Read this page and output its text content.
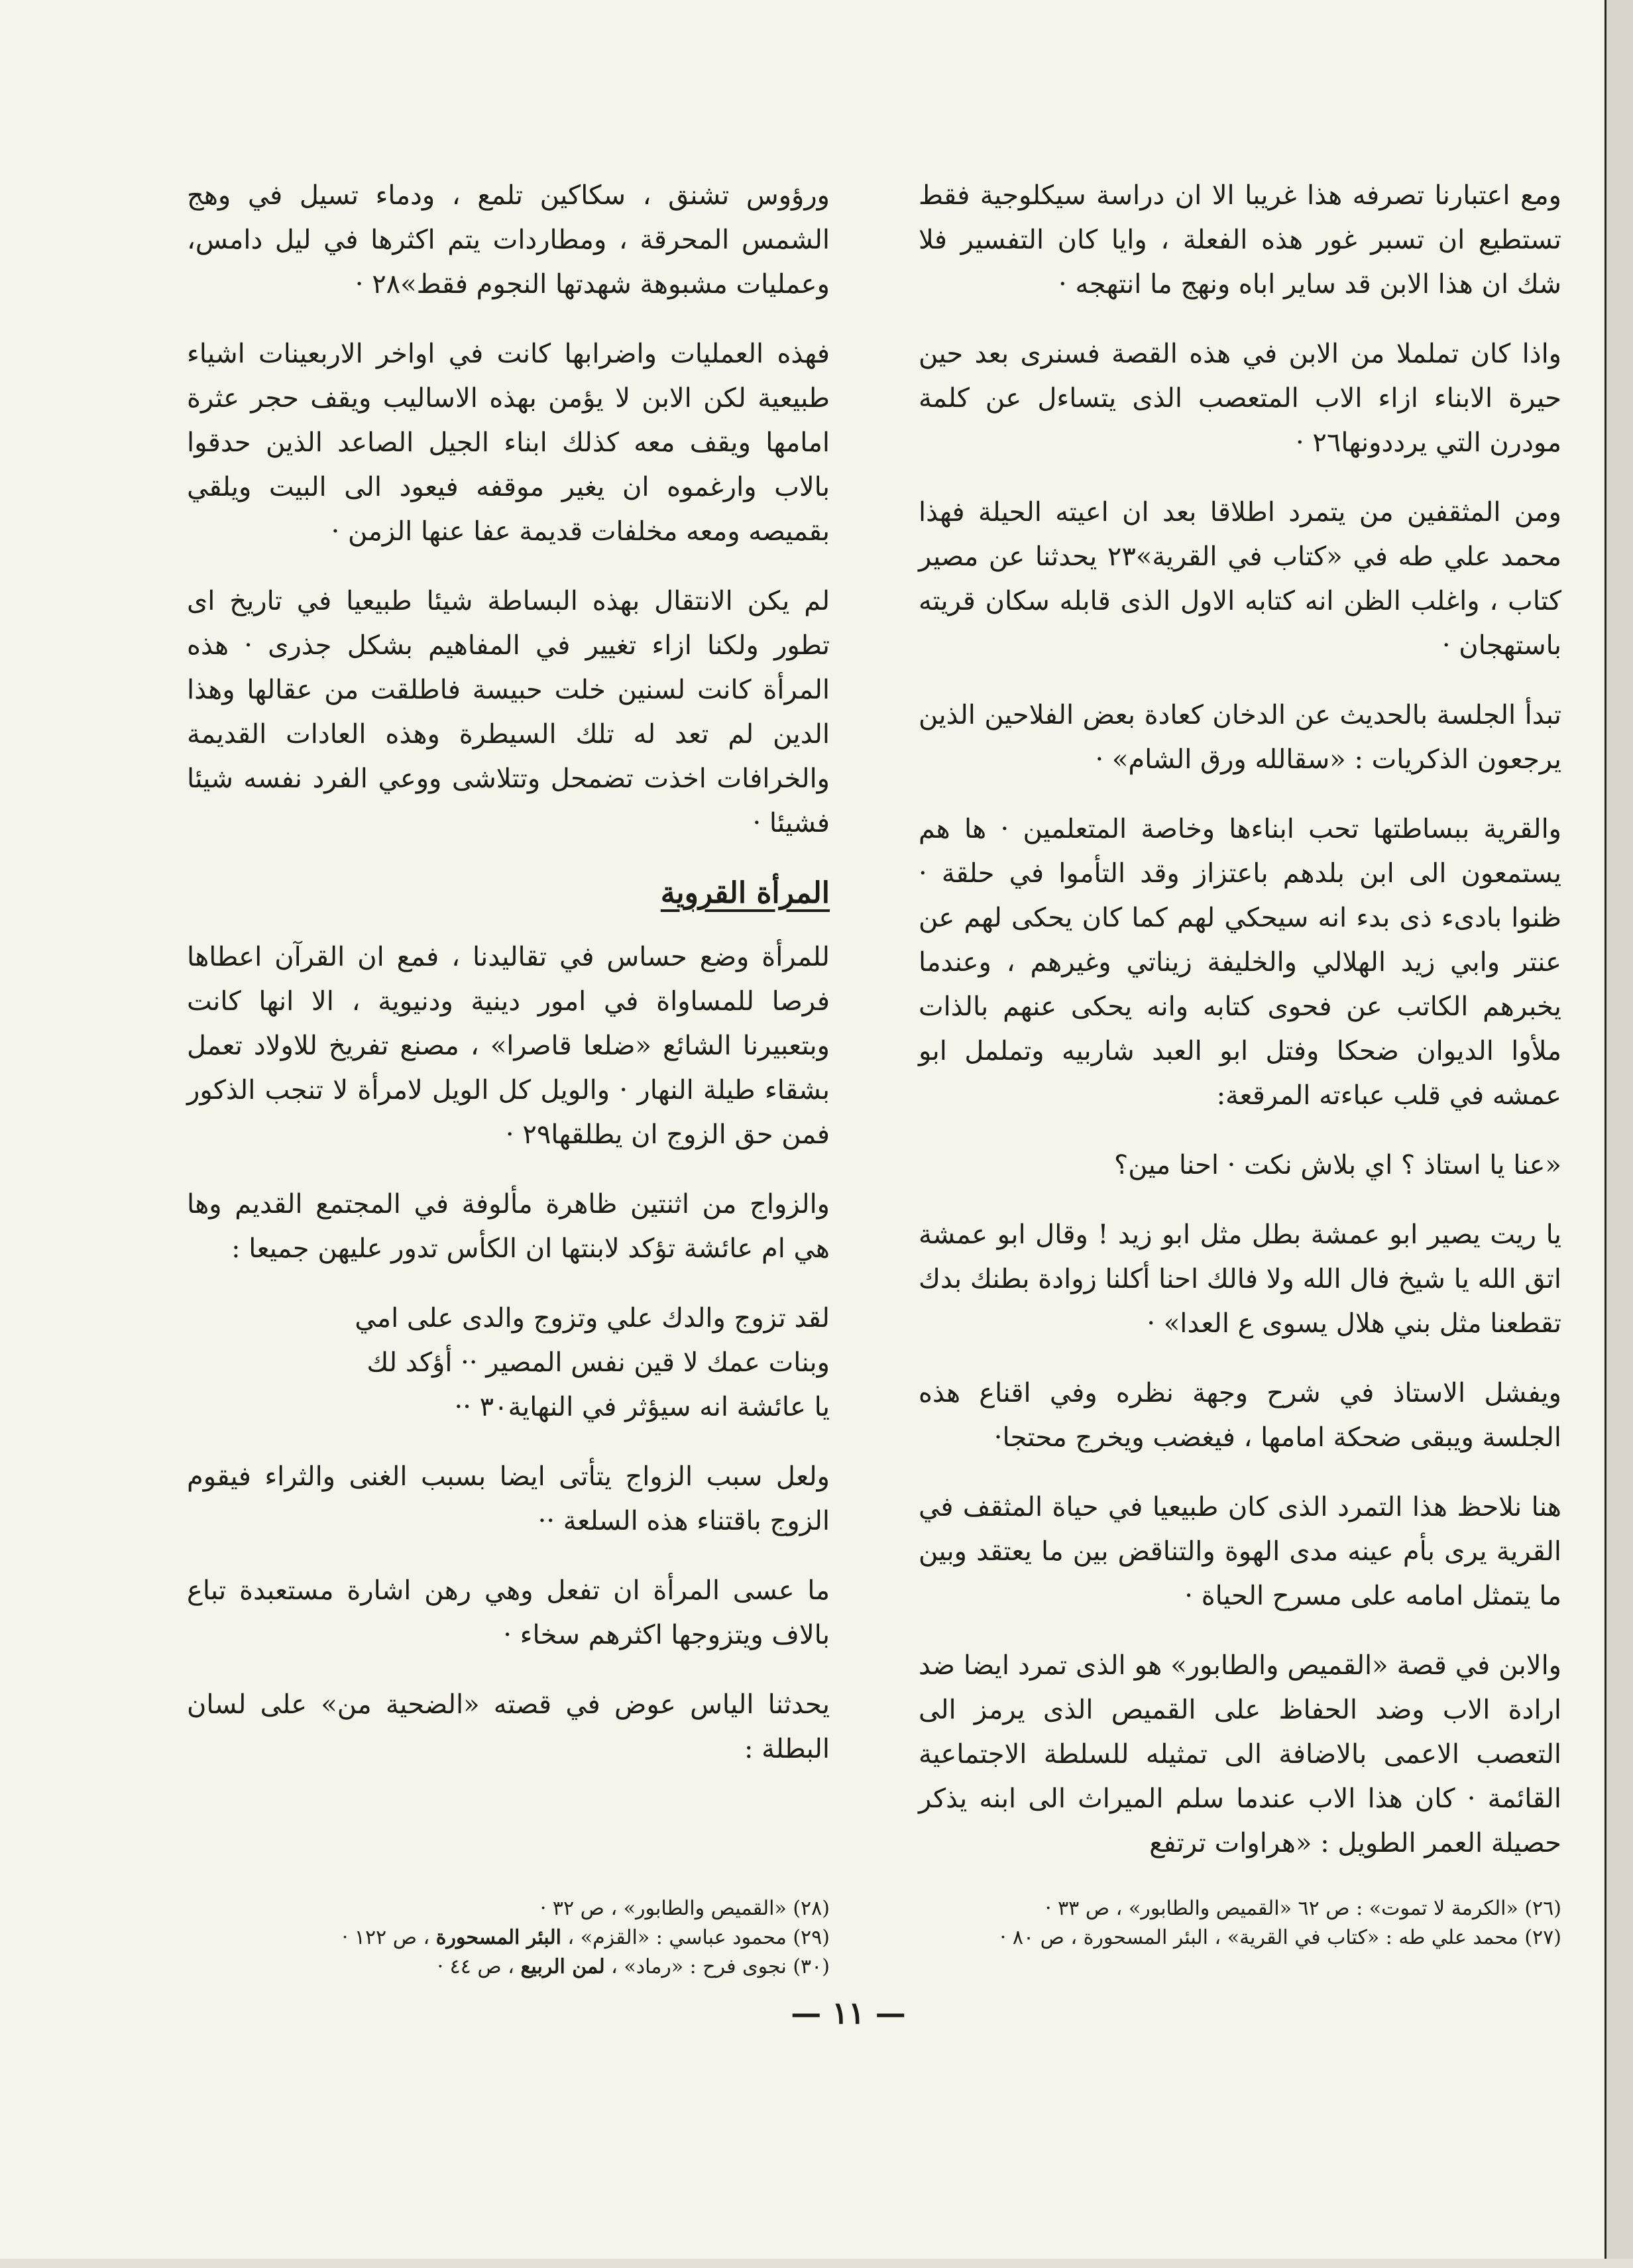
ومع اعتبارنا تصرفه هذا غريبا الا ان دراسة سيكلوجية فقط تستطيع ان تسبر غور هذه الفعلة ، وايا كان التفسير فلا شك ان هذا الابن قد ساير اباه ونهج ما انتهجه ·

واذا كان تململا من الابن في هذه القصة فسنرى بعد حين حيرة الابناء ازاء الاب المتعصب الذى يتساءل عن كلمة مودرن التي يرددونها٢٦ ·

ومن المثقفين من يتمرد اطلاقا بعد ان اعيته الحيلة فهذا محمد علي طه في «كتاب في القرية»٢٣ يحدثنا عن مصير كتاب ، واغلب الظن انه كتابه الاول الذى قابله سكان قريته باستهجان ·

تبدأ الجلسة بالحديث عن الدخان كعادة بعض الفلاحين الذين يرجعون الذكريات : «سقالله ورق الشام» ·

والقرية ببساطتها تحب ابناءها وخاصة المتعلمين · ها هم يستمعون الى ابن بلدهم باعتزاز وقد التأموا في حلقة · ظنوا بادىء ذى بدء انه سيحكي لهم كما كان يحكى لهم عن عنتر وابي زيد الهلالي والخليفة زيناتي وغيرهم ، وعندما يخبرهم الكاتب عن فحوى كتابه وانه يحكى عنهم بالذات ملأوا الديوان ضحكا وفتل ابو العبد شاربيه وتململ ابو عمشه في قلب عباءته المرقعة:

«عنا يا استاذ ؟ اي بلاش نكت · احنا مين؟

يا ريت يصير ابو عمشة بطل مثل ابو زيد ! وقال ابو عمشة اتق الله يا شيخ فال الله ولا فالك احنا أكلنا زوادة بطنك بدك تقطعنا مثل بني هلال يسوى ع العدا» ·

ويفشل الاستاذ في شرح وجهة نظره وفي اقناع هذه الجلسة ويبقى ضحكة امامها ، فيغضب ويخرج محتجا·

هنا نلاحظ هذا التمرد الذى كان طبيعيا في حياة المثقف في القرية يرى بأم عينه مدى الهوة والتناقض بين ما يعتقد وبين ما يتمثل امامه على مسرح الحياة ·

والابن في قصة «القميص والطابور» هو الذى تمرد ايضا ضد ارادة الاب وضد الحفاظ على القميص الذى يرمز الى التعصب الاعمى بالاضافة الى تمثيله للسلطة الاجتماعية القائمة · كان هذا الاب عندما سلم الميراث الى ابنه يذكر حصيلة العمر الطويل : «هراوات ترتفع

ورؤوس تشنق ، سكاكين تلمع ، ودماء تسيل في وهج الشمس المحرقة ، ومطاردات يتم اكثرها في ليل دامس، وعمليات مشبوهة شهدتها النجوم فقط»٢٨ ·

فهذه العمليات واضرابها كانت في اواخر الاربعينات اشياء طبيعية لكن الابن لا يؤمن بهذه الاساليب ويقف حجر عثرة امامها ويقف معه كذلك ابناء الجيل الصاعد الذين حدقوا بالاب وارغموه ان يغير موقفه فيعود الى البيت ويلقي بقميصه ومعه مخلفات قديمة عفا عنها الزمن ·

لم يكن الانتقال بهذه البساطة شيئا طبيعيا في تاريخ اى تطور ولكنا ازاء تغيير في المفاهيم بشكل جذرى · هذه المرأة كانت لسنين خلت حبيسة فاطلقت من عقالها وهذا الدين لم تعد له تلك السيطرة وهذه العادات القديمة والخرافات اخذت تضمحل وتتلاشى ووعي الفرد نفسه شيئا فشيئا ·

المرأة القروية

للمرأة وضع حساس في تقاليدنا ، فمع ان القرآن اعطاها فرصا للمساواة في امور دينية ودنيوية ، الا انها كانت وبتعبيرنا الشائع «ضلعا قاصرا» ، مصنع تفريخ للاولاد تعمل بشقاء طيلة النهار · والويل كل الويل لامرأة لا تنجب الذكور فمن حق الزوج ان يطلقها٢٩ ·

والزواج من اثنتين ظاهرة مألوفة في المجتمع القديم وها هي ام عائشة تؤكد لابنتها ان الكأس تدور عليهن جميعا :

لقد تزوج والدك علي وتزوج والدى على امي
وبنات عمك لا قين نفس المصير ·· أؤكد لك
يا عائشة انه سيؤثر في النهاية٣٠ ··

ولعل سبب الزواج يتأتى ايضا بسبب الغنى والثراء فيقوم الزوج باقتناء هذه السلعة ··

ما عسى المرأة ان تفعل وهي رهن اشارة مستعبدة تباع بالاف ويتزوجها اكثرهم سخاء ·

يحدثنا الياس عوض في قصته «الضحية من» على لسان البطلة :

(٢٦) «الكرمة لا تموت» : ص ٦٢ «القميص والطابور» ، ص ٣٣ ·
(٢٧) محمد علي طه : «كتاب في القرية» ، البئر المسحورة ، ص ٨٠ ·
(٢٨) «القميص والطابور» ، ص ٣٢ ·
(٢٩) محمود عباسي : «القزم» ، البئر المسحورة ، ص ١٢٢ ·
(٣٠) نجوى فرح : «رماد» ، لمن الربيع ، ص ٤٤ ·
— ١١ —
